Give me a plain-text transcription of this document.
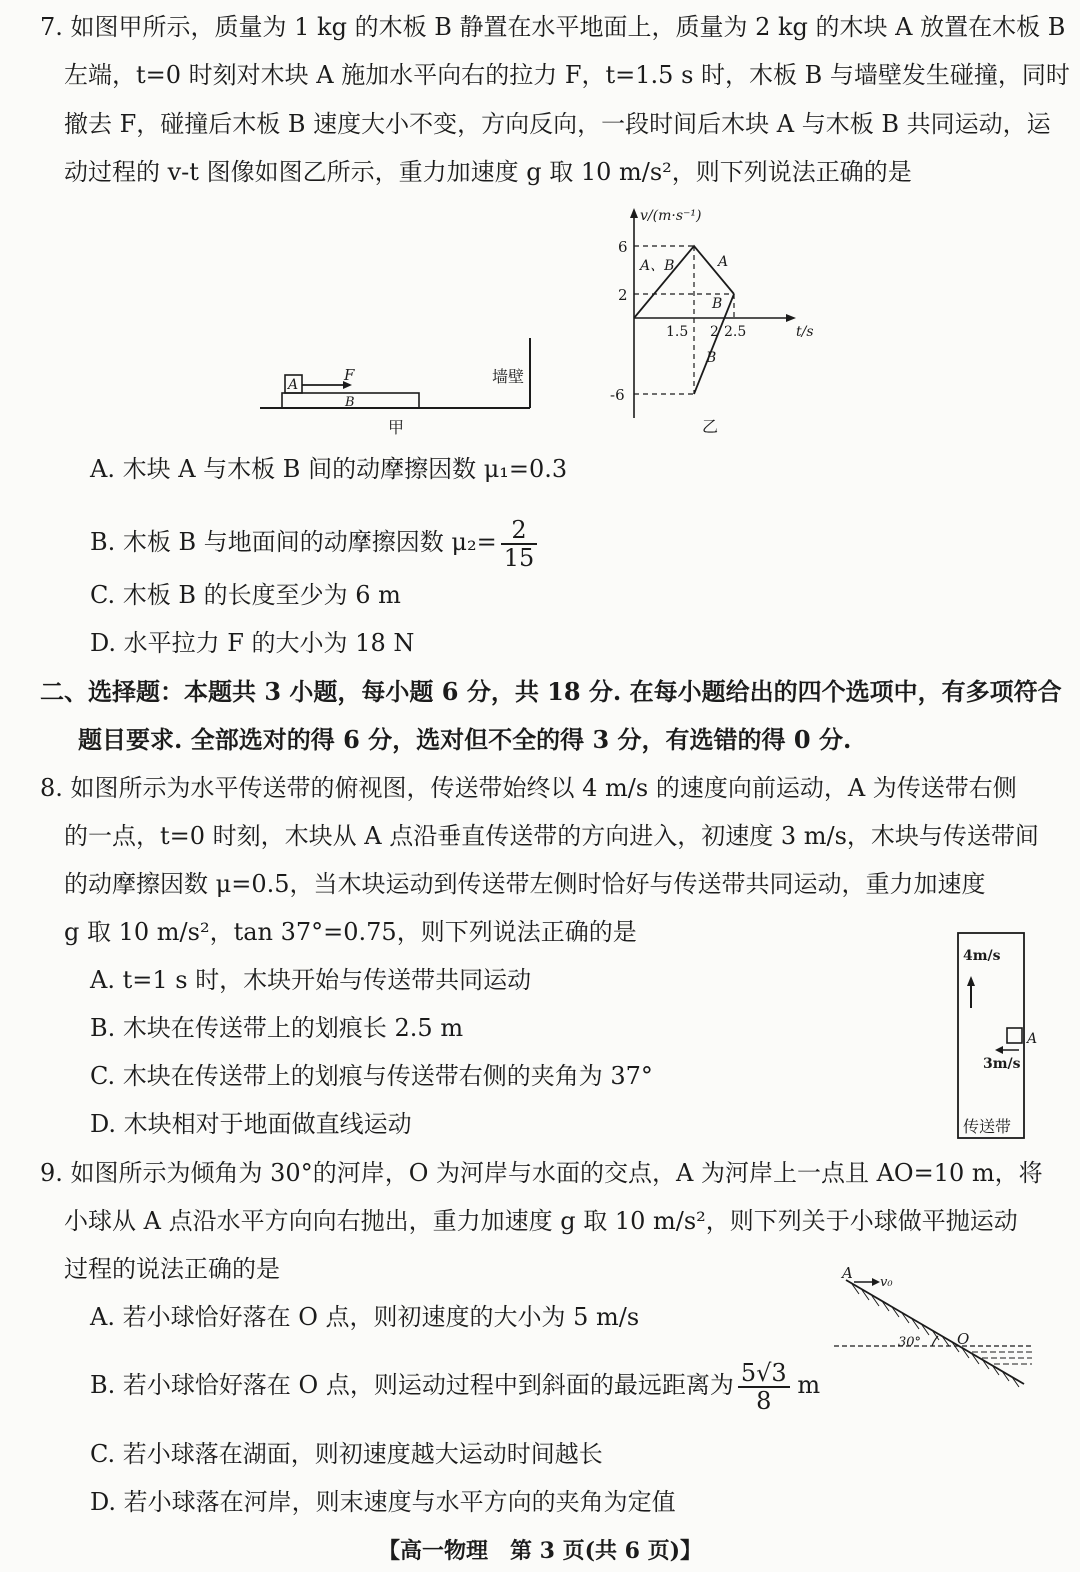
7. 如图甲所示，质量为 1 kg 的木板 B 静置在水平地面上，质量为 2 kg 的木块 A 放置在木板 B
左端，t=0 时刻对木块 A 施加水平向右的拉力 F，t=1.5 s 时，木板 B 与墙壁发生碰撞，同时
撤去 F，碰撞后木板 B 速度大小不变，方向反向，一段时间后木块 A 与木板 B 共同运动，运
动过程的 v-t 图像如图乙所示，重力加速度 g 取 10 m/s²，则下列说法正确的是
A
F
B
墙壁
甲
6
2
-6
1.5 2 2.5
v/(m·s⁻¹)
t/s
A、B	A
B
B
乙
A. 木块 A 与木板 B 间的动摩擦因数 μ₁=0.3
B. 木板 B 与地面间的动摩擦因数 $\mu_2= \frac{2}{15}$
C. 木板 B 的长度至少为 6 m
D. 水平拉力 F 的大小为 18 N
二、选择题：本题共 3 小题，每小题 6 分，共 18 分. 在每小题给出的四个选项中，有多项符合
题目要求. 全部选对的得 6 分，选对但不全的得 3 分，有选错的得 0 分.
8. 如图所示为水平传送带的俯视图，传送带始终以 4 m/s 的速度向前运动，A 为传送带右侧
的一点，t=0 时刻，木块从 A 点沿垂直传送带的方向进入，初速度 3 m/s，木块与传送带间
的动摩擦因数 μ=0.5，当木块运动到传送带左侧时恰好与传送带共同运动，重力加速度
g 取 10 m/s²，tan 37°=0.75，则下列说法正确的是
A. t=1 s 时，木块开始与传送带共同运动
B. 木块在传送带上的划痕长 2.5 m
C. 木块在传送带上的划痕与传送带右侧的夹角为 37°
D. 木块相对于地面做直线运动
4m/s
A
3m/s
传送带
9. 如图所示为倾角为 30°的河岸，O 为河岸与水面的交点，A 为河岸上一点且 AO=10 m，将
小球从 A 点沿水平方向向右抛出，重力加速度 g 取 10 m/s²，则下列关于小球做平抛运动
过程的说法正确的是
A. 若小球恰好落在 O 点，则初速度的大小为 5 m/s
B. 若小球恰好落在 O 点，则运动过程中到斜面的最远距离为 $\frac{5√3}{8}$ m
C. 若小球落在湖面，则初速度越大运动时间越长
D. 若小球落在河岸，则末速度与水平方向的夹角为定值
30° O
A
v₀
【高一物理　第 3 页(共 6 页)】
